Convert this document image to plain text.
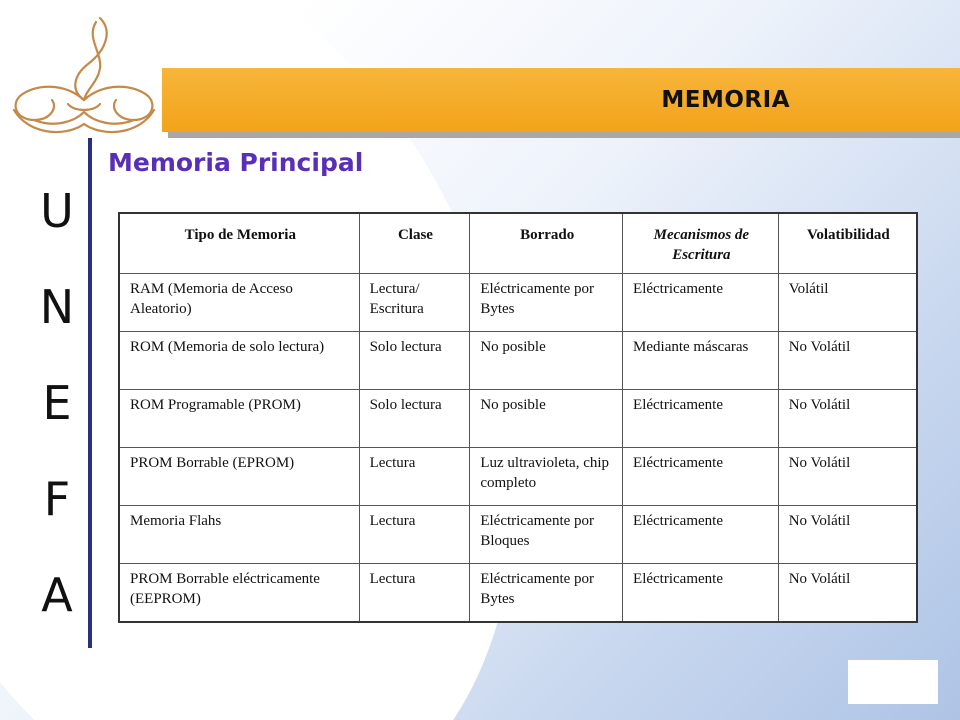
MEMORIA
U
N
E
F
A
Memoria Principal
Tipo de Memoria	Clase	Borrado	Mecanismos de Escritura	Volatibilidad
RAM (Memoria de Acceso Aleatorio)	Lectura/ Escritura	Eléctricamente por Bytes	Eléctricamente	Volátil
ROM (Memoria de solo lectura)	Solo lectura	No posible	Mediante máscaras	No Volátil
ROM Programable (PROM)	Solo lectura	No posible	Eléctricamente	No Volátil
PROM Borrable (EPROM)	Lectura	Luz ultravioleta, chip completo	Eléctricamente	No Volátil
Memoria Flahs	Lectura	Eléctricamente por Bloques	Eléctricamente	No Volátil
PROM Borrable eléctricamente (EEPROM)	Lectura	Eléctricamente por Bytes	Eléctricamente	No Volátil
